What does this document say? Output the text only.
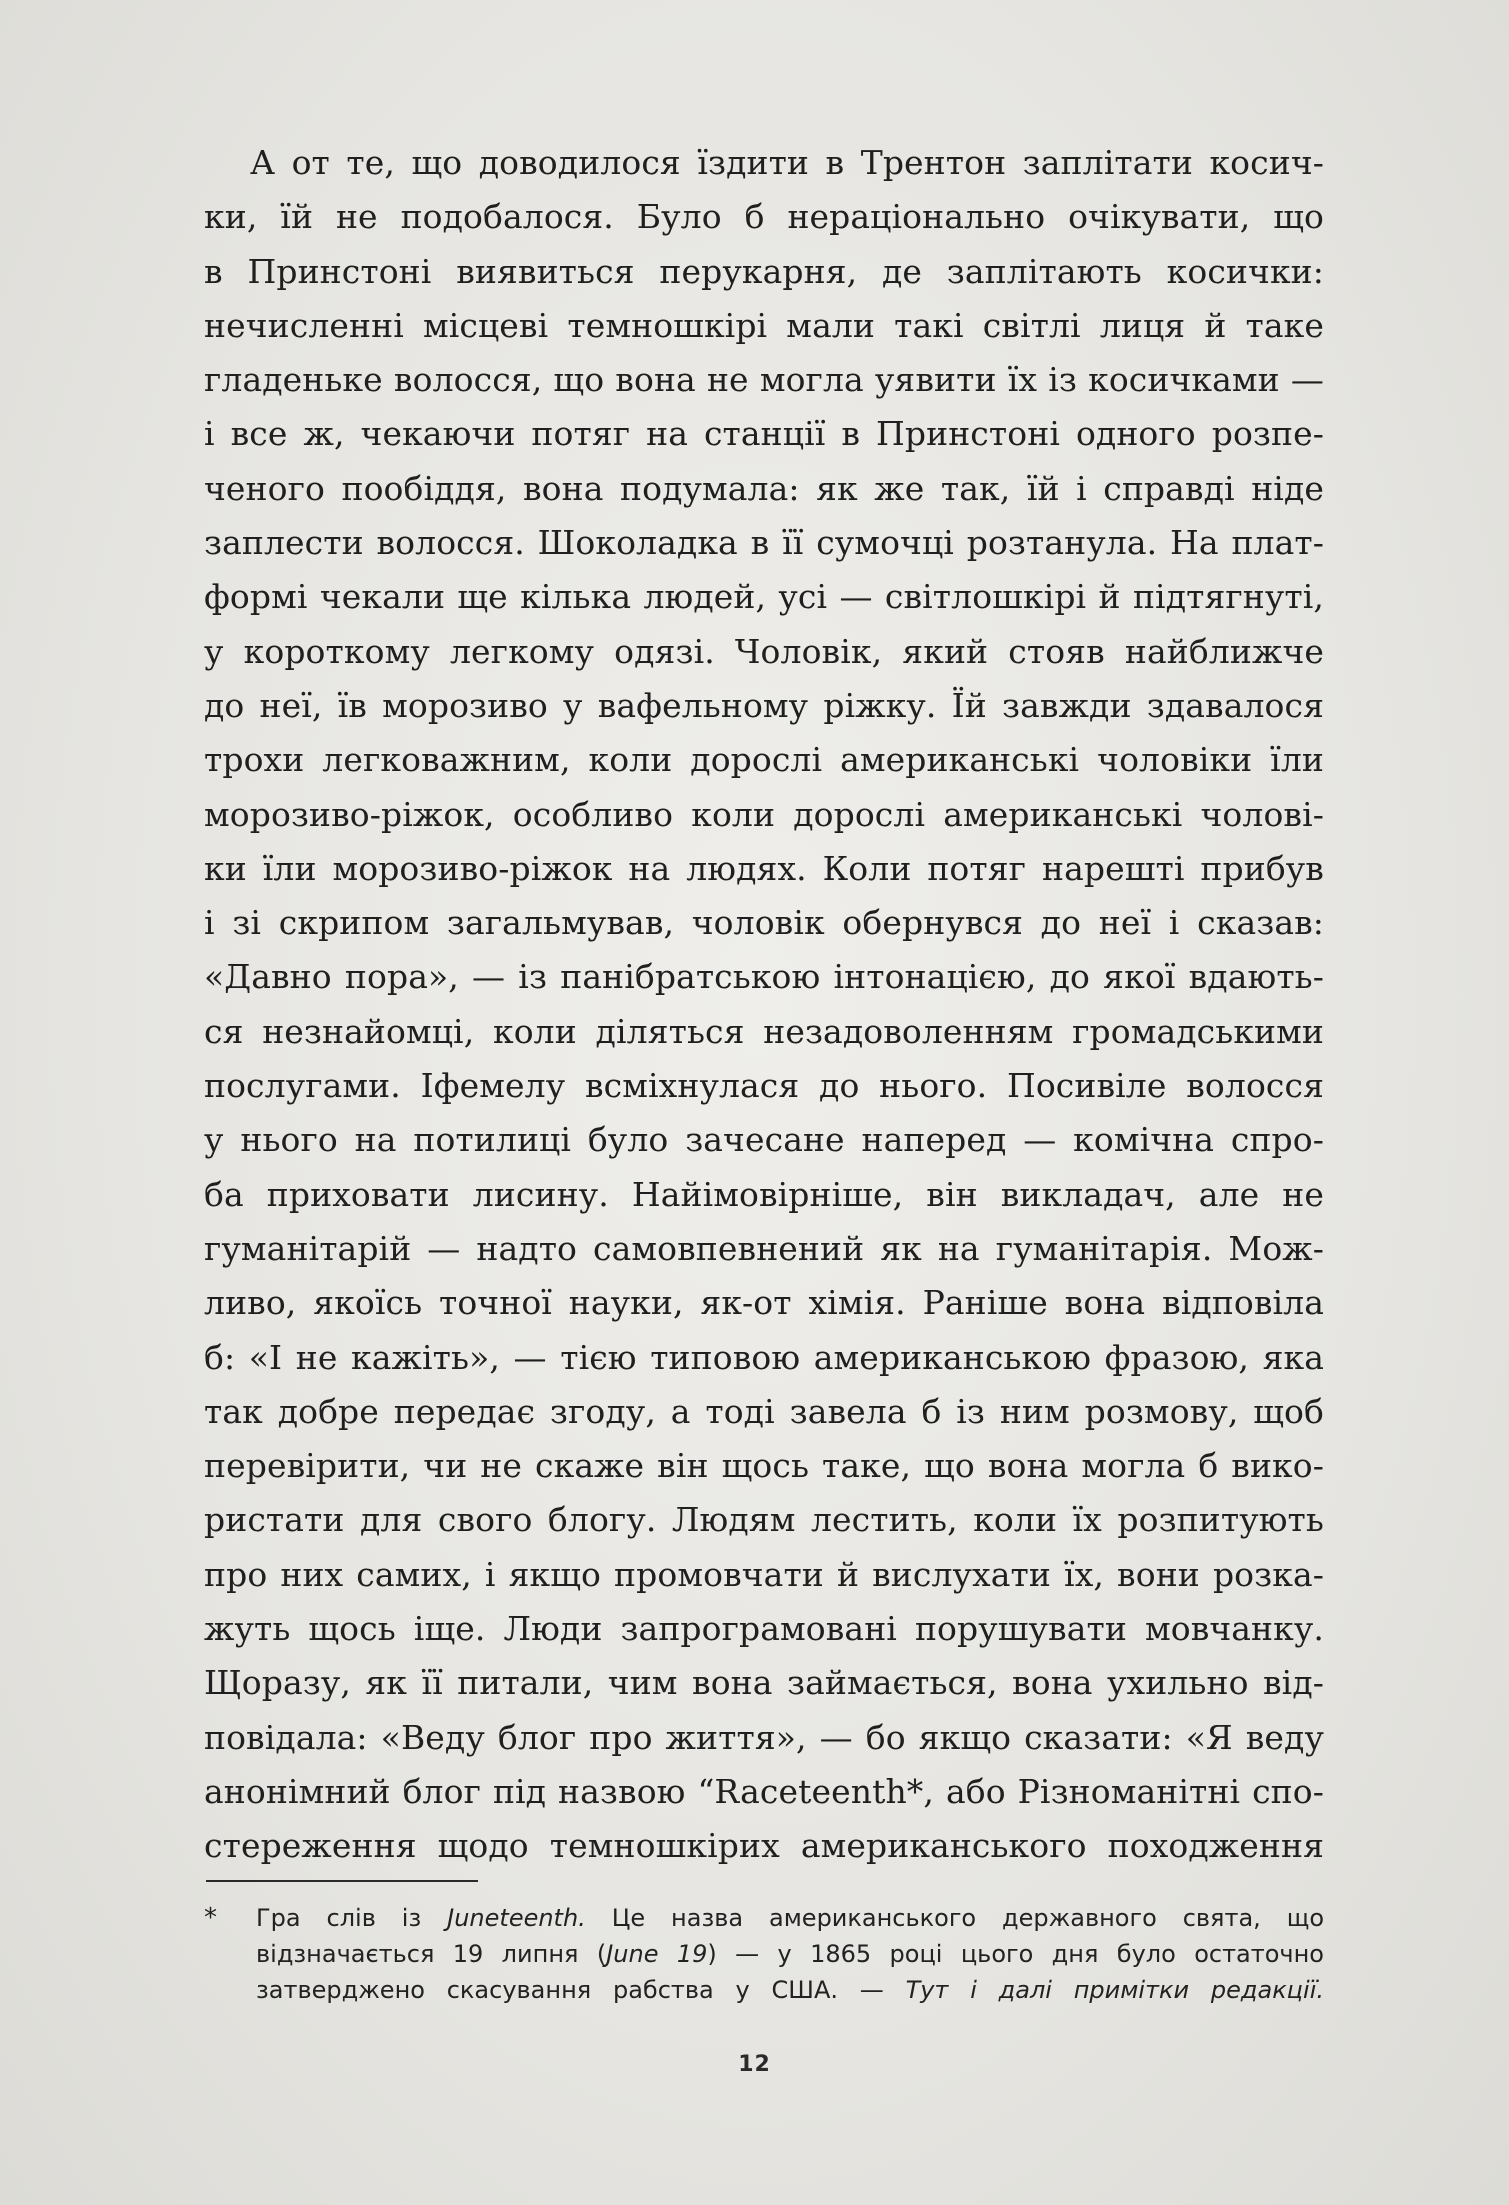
А от те, що доводилося їздити в Трентон заплітати косич-
ки, їй не подобалося. Було б нераціонально очікувати, що
в Принстоні виявиться перукарня, де заплітають косички:
нечисленні місцеві темношкірі мали такі світлі лиця й таке
гладеньке волосся, що вона не могла уявити їх із косичками —
і все ж, чекаючи потяг на станції в Принстоні одного розпе-
ченого пообіддя, вона подумала: як же так, їй і справді ніде
заплести волосся. Шоколадка в її сумочці розтанула. На плат-
формі чекали ще кілька людей, усі — світлошкірі й підтягнуті,
у короткому легкому одязі. Чоловік, який стояв найближче
до неї, їв морозиво у вафельному ріжку. Їй завжди здавалося
трохи легковажним, коли дорослі американські чоловіки їли
морозиво-ріжок, особливо коли дорослі американські чолові-
ки їли морозиво-ріжок на людях. Коли потяг нарешті прибув
і зі скрипом загальмував, чоловік обернувся до неї і сказав:
«Давно пора», — із панібратською інтонацією, до якої вдають-
ся незнайомці, коли діляться незадоволенням громадськими
послугами. Іфемелу всміхнулася до нього. Посивіле волосся
у нього на потилиці було зачесане наперед — комічна спро-
ба приховати лисину. Найімовірніше, він викладач, але не
гуманітарій — надто самовпевнений як на гуманітарія. Мож-
ливо, якоїсь точної науки, як-от хімія. Раніше вона відповіла
б: «І не кажіть», — тією типовою американською фразою, яка
так добре передає згоду, а тоді завела б із ним розмову, щоб
перевірити, чи не скаже він щось таке, що вона могла б вико-
ристати для свого блогу. Людям лестить, коли їх розпитують
про них самих, і якщо промовчати й вислухати їх, вони розка-
жуть щось іще. Люди запрограмовані порушувати мовчанку.
Щоразу, як її питали, чим вона займається, вона ухильно від-
повідала: «Веду блог про життя», — бо якщо сказати: «Я веду
анонімний блог під назвою “Raceteenth*, або Різноманітні спо-
стереження щодо темношкірих американського походження
*	Гра слів із Juneteenth. Це назва американського державного свята, що
відзначається 19 липня (June 19) — у 1865 році цього дня було остаточно
затверджено скасування рабства у США. — Тут і далі примітки редакції.
12
